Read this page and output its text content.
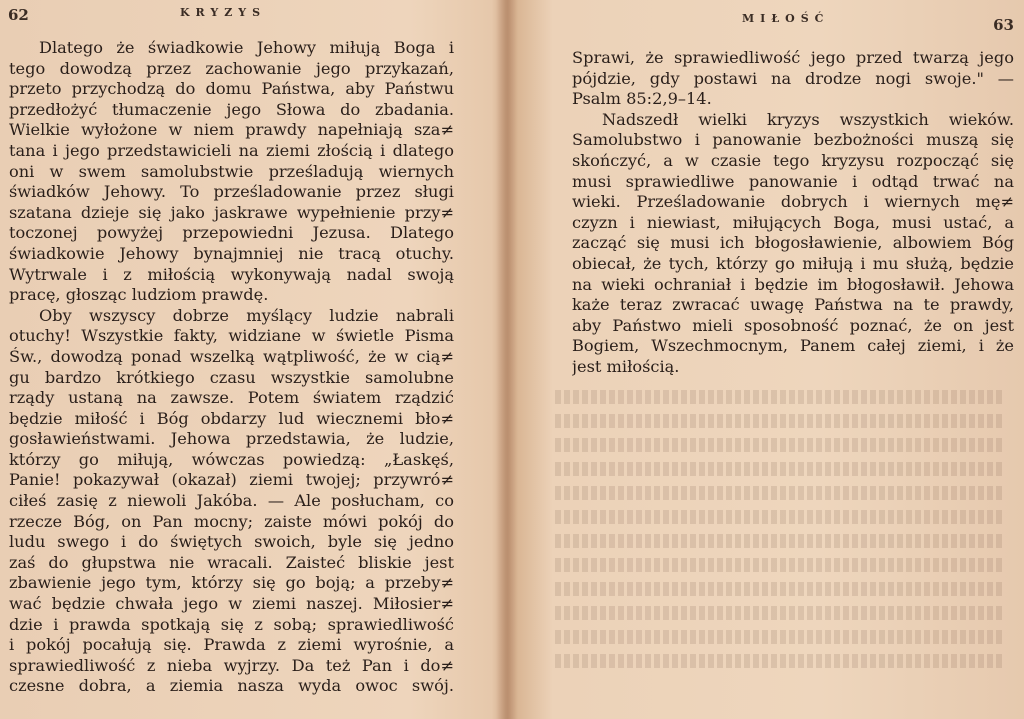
62	KRYZYS
Dlatego że świadkowie Jehowy miłują Boga i
tego dowodzą przez zachowanie jego przykazań,
przeto przychodzą do domu Państwa, aby Państwu
przedłożyć tłumaczenie jego Słowa do zbadania.
Wielkie wyłożone w niem prawdy napełniają sza≠
tana i jego przedstawicieli na ziemi złością i dlatego
oni w swem samolubstwie prześladują wiernych
świadków Jehowy. To prześladowanie przez sługi
szatana dzieje się jako jaskrawe wypełnienie przy≠
toczonej powyżej przepowiedni Jezusa. Dlatego
świadkowie Jehowy bynajmniej nie tracą otuchy.
Wytrwale i z miłością wykonywają nadal swoją
pracę, głosząc ludziom prawdę.
Oby wszyscy dobrze myślący ludzie nabrali
otuchy! Wszystkie fakty, widziane w świetle Pisma
Św., dowodzą ponad wszelką wątpliwość, że w cią≠
gu bardzo krótkiego czasu wszystkie samolubne
rządy ustaną na zawsze. Potem światem rządzić
będzie miłość i Bóg obdarzy lud wiecznemi bło≠
gosławieństwami. Jehowa przedstawia, że ludzie,
którzy go miłują, wówczas powiedzą: „Łaskęś,
Panie! pokazywał (okazał) ziemi twojej; przywró≠
ciłeś zasię z niewoli Jakóba. — Ale posłucham, co
rzecze Bóg, on Pan mocny; zaiste mówi pokój do
ludu swego i do świętych swoich, byle się jedno
zaś do głupstwa nie wracali. Zaisteć bliskie jest
zbawienie jego tym, którzy się go boją; a przeby≠
wać będzie chwała jego w ziemi naszej. Miłosier≠
dzie i prawda spotkają się z sobą; sprawiedliwość
i pokój pocałują się. Prawda z ziemi wyrośnie, a
sprawiedliwość z nieba wyjrzy. Da też Pan i do≠
czesne dobra, a ziemia nasza wyda owoc swój.
MIŁOŚĆ	63
Sprawi, że sprawiedliwość jego przed twarzą jego
pójdzie, gdy postawi na drodze nogi swoje." —
Psalm 85:2,9–14.
Nadszedł wielki kryzys wszystkich wieków.
Samolubstwo i panowanie bezbożności muszą się
skończyć, a w czasie tego kryzysu rozpocząć się
musi sprawiedliwe panowanie i odtąd trwać na
wieki. Prześladowanie dobrych i wiernych mę≠
czyzn i niewiast, miłujących Boga, musi ustać, a
zacząć się musi ich błogosławienie, albowiem Bóg
obiecał, że tych, którzy go miłują i mu służą, będzie
na wieki ochraniał i będzie im błogosławił. Jehowa
każe teraz zwracać uwagę Państwa na te prawdy,
aby Państwo mieli sposobność poznać, że on jest
Bogiem, Wszechmocnym, Panem całej ziemi, i że
jest miłością.
